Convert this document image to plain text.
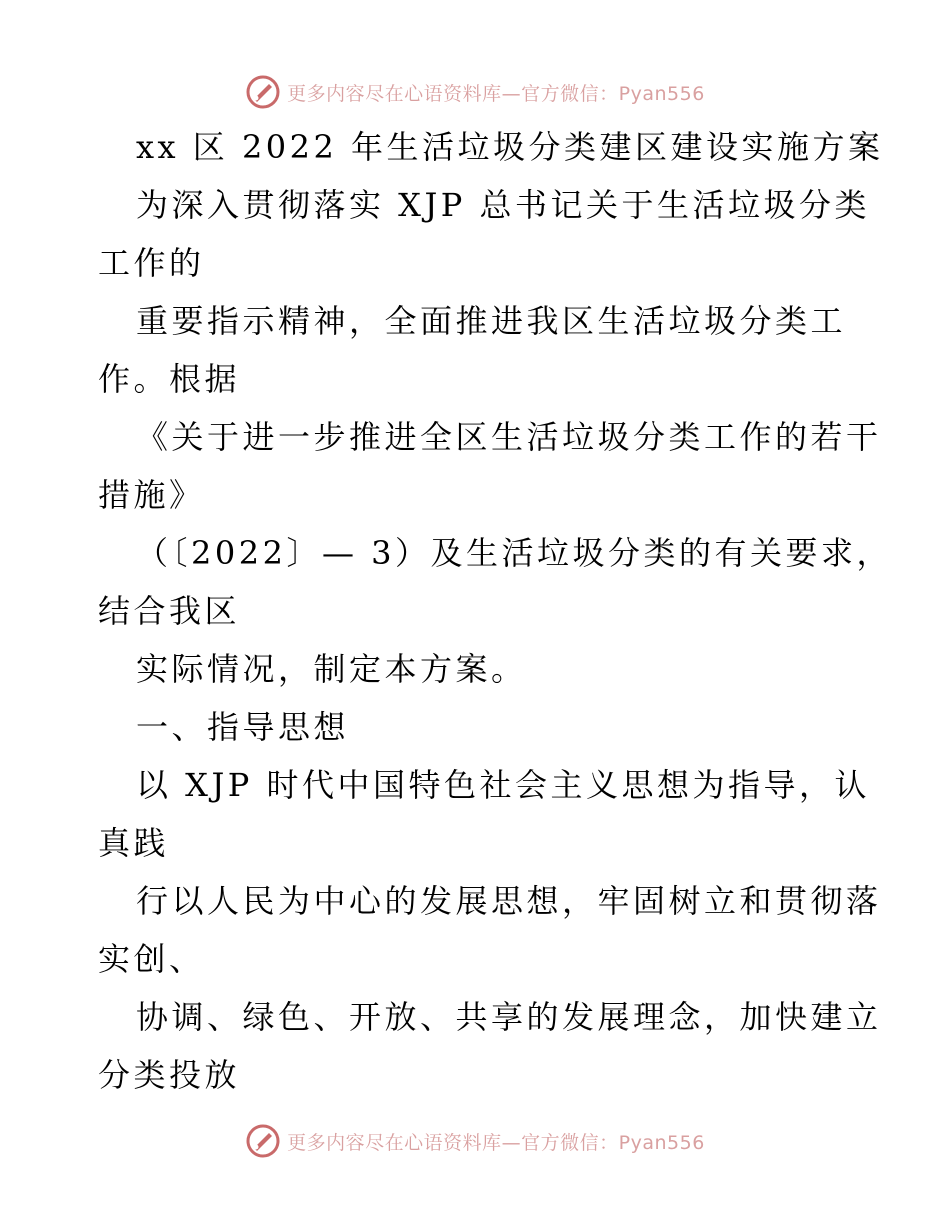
更多内容尽在心语资料库—官方微信：Pyan556
xx 区 2022 年生活垃圾分类建区建设实施方案
为深入贯彻落实 XJP 总书记关于生活垃圾分类
工作的
重要指示精神，全面推进我区生活垃圾分类工
作。根据
《关于进一步推进全区生活垃圾分类工作的若干
措施》
（〔2022〕— 3）及生活垃圾分类的有关要求，
结合我区
实际情况，制定本方案。
一、指导思想
以 XJP 时代中国特色社会主义思想为指导，认
真践
行以人民为中心的发展思想，牢固树立和贯彻落
实创、
协调、绿色、开放、共享的发展理念，加快建立
分类投放
更多内容尽在心语资料库—官方微信：Pyan556
